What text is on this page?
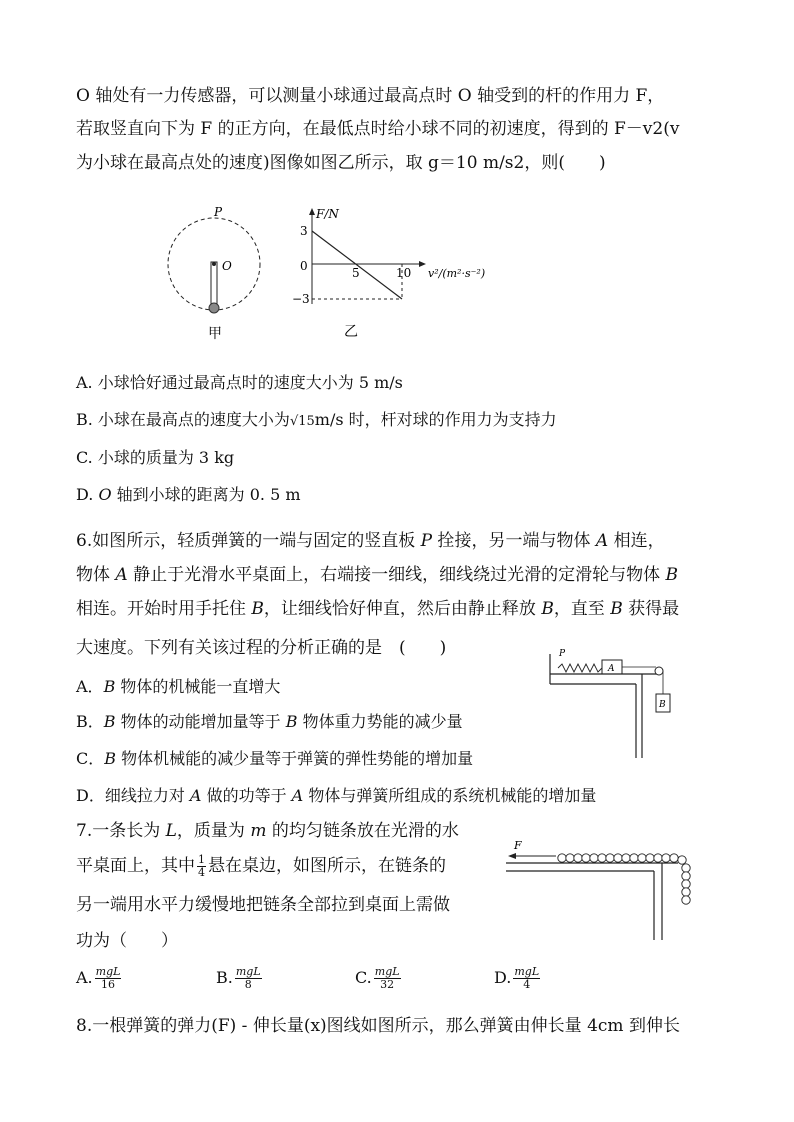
O 轴处有一力传感器，可以测量小球通过最高点时 O 轴受到的杆的作用力 F，
若取竖直向下为 F 的正方向，在最低点时给小球不同的初速度，得到的 F－v2(v
为小球在最高点处的速度)图像如图乙所示，取 g＝10 m/s2，则(　　)
P
O
甲
F/N
v²/(m²·s⁻²)
3
0
−3
5	10
乙
A. 小球恰好通过最高点时的速度大小为 5 m/s
B. 小球在最高点的速度大小为√15m/s 时，杆对球的作用力为支持力
C. 小球的质量为 3 kg
D. O 轴到小球的距离为 0. 5 m
6.如图所示，轻质弹簧的一端与固定的竖直板 P 拴接，另一端与物体 A 相连，
物体 A 静止于光滑水平桌面上，右端接一细线，细线绕过光滑的定滑轮与物体 B
相连。开始时用手托住 B，让细线恰好伸直，然后由静止释放 B，直至 B 获得最
大速度。下列有关该过程的分析正确的是　(　　)
A．B 物体的机械能一直增大
B．B 物体的动能增加量等于 B 物体重力势能的减少量
C．B 物体机械能的减少量等于弹簧的弹性势能的增加量
D．细线拉力对 A 做的功等于 A 物体与弹簧所组成的系统机械能的增加量
P
A
B
7.一条长为 L，质量为 m 的均匀链条放在光滑的水
平桌面上，其中 $\frac{1}{4}$ 悬在桌边，如图所示，在链条的
另一端用水平力缓慢地把链条全部拉到桌面上需做
功为（　　）
F
A. $\frac{\text{mgL}}{16}$	B. $\frac{\text{mgL}}{8}$	C. $\frac{\text{mgL}}{32}$	D. $\frac{\text{mgL}}{4}$
8.一根弹簧的弹力(F) - 伸长量(x)图线如图所示，那么弹簧由伸长量 4cm 到伸长
